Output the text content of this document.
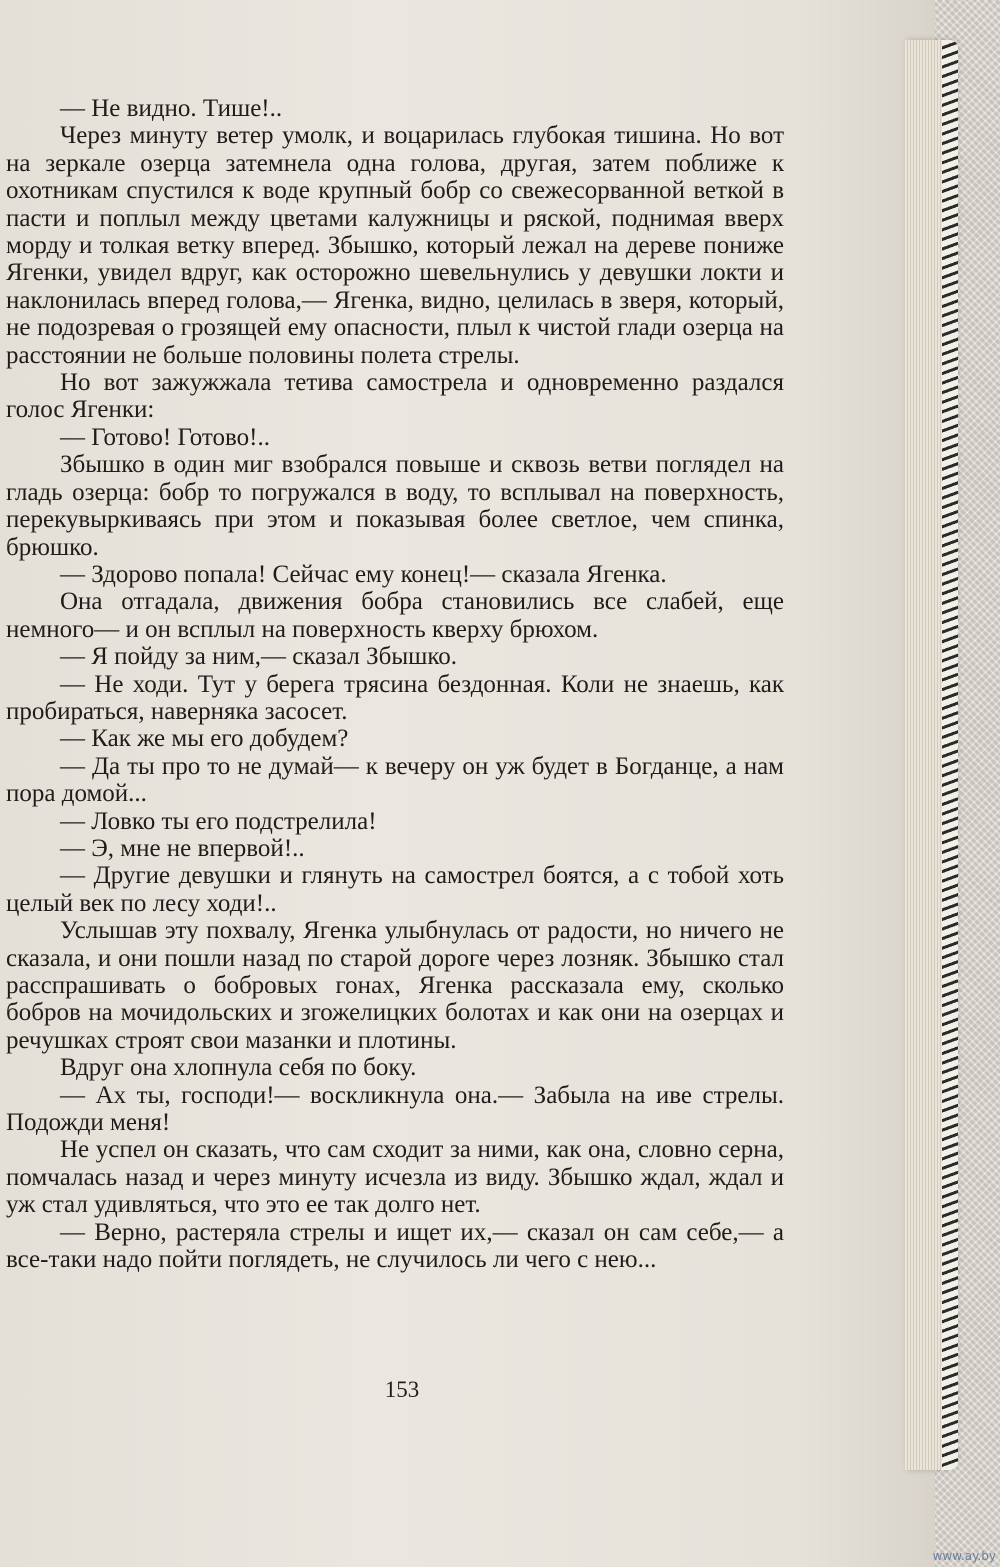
— Не видно. Тише!..

Через минуту ветер умолк, и воцарилась глубокая тишина. Но вот на зеркале озерца затемнела одна голова, другая, затем поближе к охотникам спустился к воде крупный бобр со свежесорванной веткой в пасти и поплыл между цветами калужницы и ряской, поднимая вверх морду и толкая ветку вперед. Збышко, который лежал на дереве пониже Ягенки, увидел вдруг, как осторожно шевельнулись у девушки локти и наклонилась вперед голова,— Ягенка, видно, целилась в зверя, который, не подозревая о грозящей ему опасности, плыл к чистой глади озерца на расстоянии не больше половины полета стрелы.

Но вот зажужжала тетива самострела и одновременно раздался голос Ягенки:

— Готово! Готово!..

Збышко в один миг взобрался повыше и сквозь ветви поглядел на гладь озерца: бобр то погружался в воду, то всплывал на поверхность, перекувыркиваясь при этом и показывая более светлое, чем спинка, брюшко.

— Здорово попала! Сейчас ему конец!— сказала Ягенка.

Она отгадала, движения бобра становились все слабей, еще немного— и он всплыл на поверхность кверху брюхом.

— Я пойду за ним,— сказал Збышко.

— Не ходи. Тут у берега трясина бездонная. Коли не знаешь, как пробираться, наверняка засосет.

— Как же мы его добудем?

— Да ты про то не думай— к вечеру он уж будет в Богданце, а нам пора домой...

— Ловко ты его подстрелила!

— Э, мне не впервой!..

— Другие девушки и глянуть на самострел боятся, а с тобой хоть целый век по лесу ходи!..

Услышав эту похвалу, Ягенка улыбнулась от радости, но ничего не сказала, и они пошли назад по старой дороге через лозняк. Збышко стал расспрашивать о бобровых гонах, Ягенка рассказала ему, сколько бобров на мочидольских и згожелицких болотах и как они на озерцах и речушках строят свои мазанки и плотины.

Вдруг она хлопнула себя по боку.

— Ах ты, господи!— воскликнула она.— Забыла на иве стрелы. Подожди меня!

Не успел он сказать, что сам сходит за ними, как она, словно серна, помчалась назад и через минуту исчезла из виду. Збышко ждал, ждал и уж стал удивляться, что это ее так долго нет.

— Верно, растеряла стрелы и ищет их,— сказал он сам себе,— а все-таки надо пойти поглядеть, не случилось ли чего с нею...

153
www.ay.by
